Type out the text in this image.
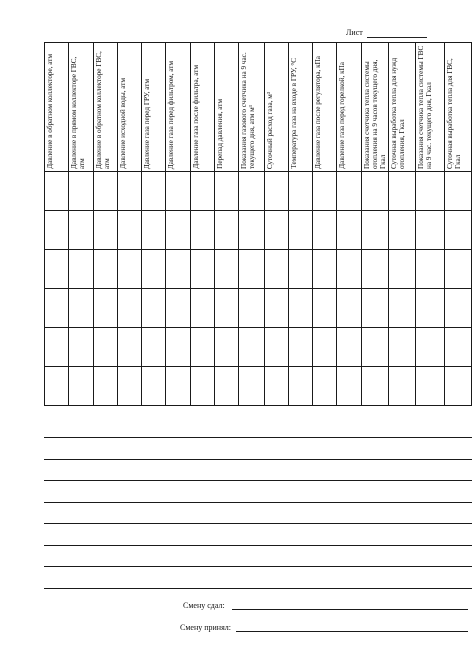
Лист
Давление в обратном коллекторе, атм	Давление в прямом коллекторе ГВС, атм	Давление в обратном коллекторе ГВС, атм	Давление исходной воды, атм	Давление газа перед ГРУ, атм	Давление газа перед фильтром, атм	Давление газа после фильтра, атм	Перепад давления, атм	Показания газового счетчика на 9 час. текущего дня, атм м³	Суточный расход газа, м³	Температура газа на входе в ГРУ, °С	Давление газа после регулятора, кПа	Давление газа перед горелкой, кПа	Показания счетчика тепла системы отопления на 9 часов текущего дня, Гкал	Суточная выработка тепла для нужд отопления, Гкал	Показания счетчика тепла системы ГВС на 9 час. текущего дня, Гкал	Суточная выработка тепла для ГВС, Гкал

Смену сдал:
Смену принял:
